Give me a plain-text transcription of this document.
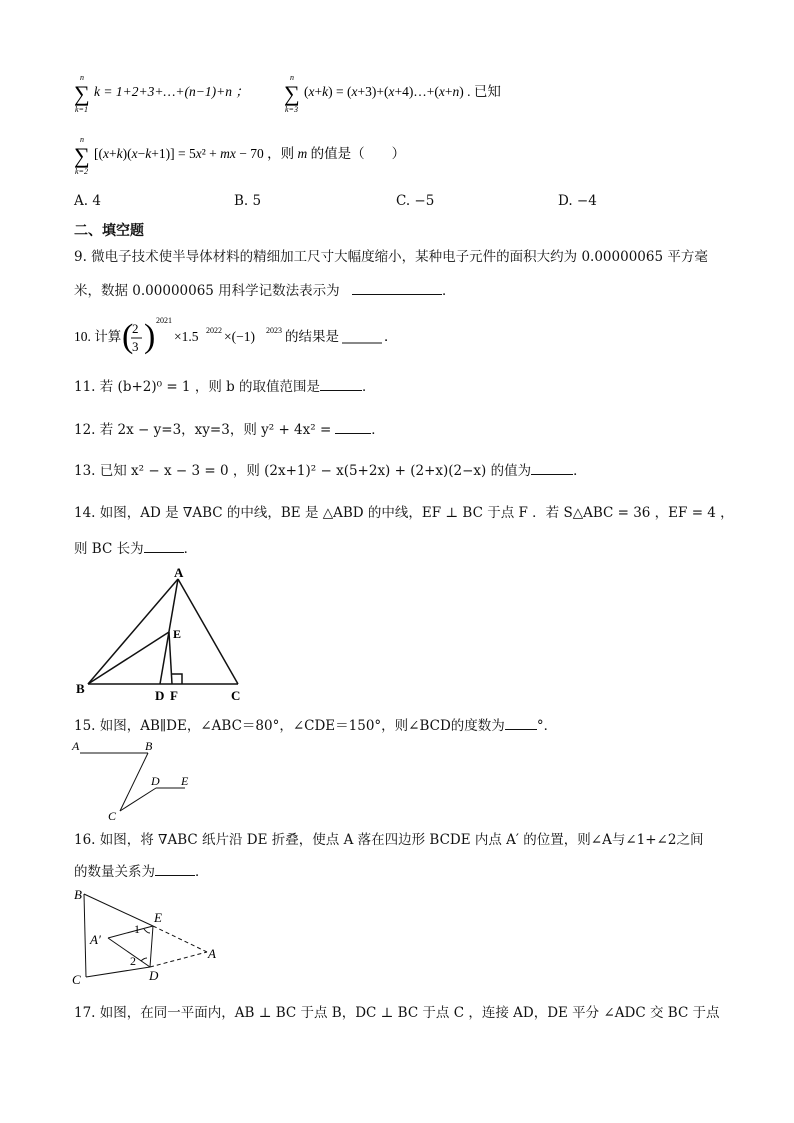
n
∑
k=1
k = 1+2+3+…+(n−1)+n ；
n
∑
k=3
(x+k) = (x+3)+(x+4)…+(x+n) . 已知
n
∑
k=2
[(x+k)(x−k+1)] = 5x² + mx − 70 ，则 m 的值是（　　）
A. 4	B. 5	C. −5	D. −4
二、填空题
9. 微电子技术使半导体材料的精细加工尺寸大幅度缩小，某种电子元件的面积大约为 0.00000065 平方毫
米，数据 0.00000065 用科学记数法表示为	．
10. 计算 (
2
3 ) 2021
×1.5 2022 ×(−1) 2023 的结果是	．
11. 若 (b+2)⁰ = 1 ，则 b 的取值范围是	．
12. 若 2x − y=3，xy=3，则 y² + 4x² =	．
13. 已知 x² − x − 3 = 0 ，则 (2x+1)² − x(5+2x) + (2+x)(2−x) 的值为	．
14. 如图，AD 是 ∇ABC 的中线，BE 是 △ABD 的中线，EF ⊥ BC 于点 F ．若 S△ABC = 36 ，EF = 4 ，
则 BC 长为	．
A
E
B	D F	C
15. 如图，AB∥DE，∠ABC＝80°，∠CDE＝150°，则∠BCD的度数为 °．
A	B
C
D E
16. 如图，将 ∇ABC 纸片沿 DE 折叠，使点 A 落在四边形 BCDE 内点 A′ 的位置，则∠A与∠1+∠2之间
的数量关系为	．
B
C
E
D
A
A′
1
2
17. 如图，在同一平面内，AB ⊥ BC 于点 B，DC ⊥ BC 于点 C ，连接 AD，DE 平分 ∠ADC 交 BC 于点
